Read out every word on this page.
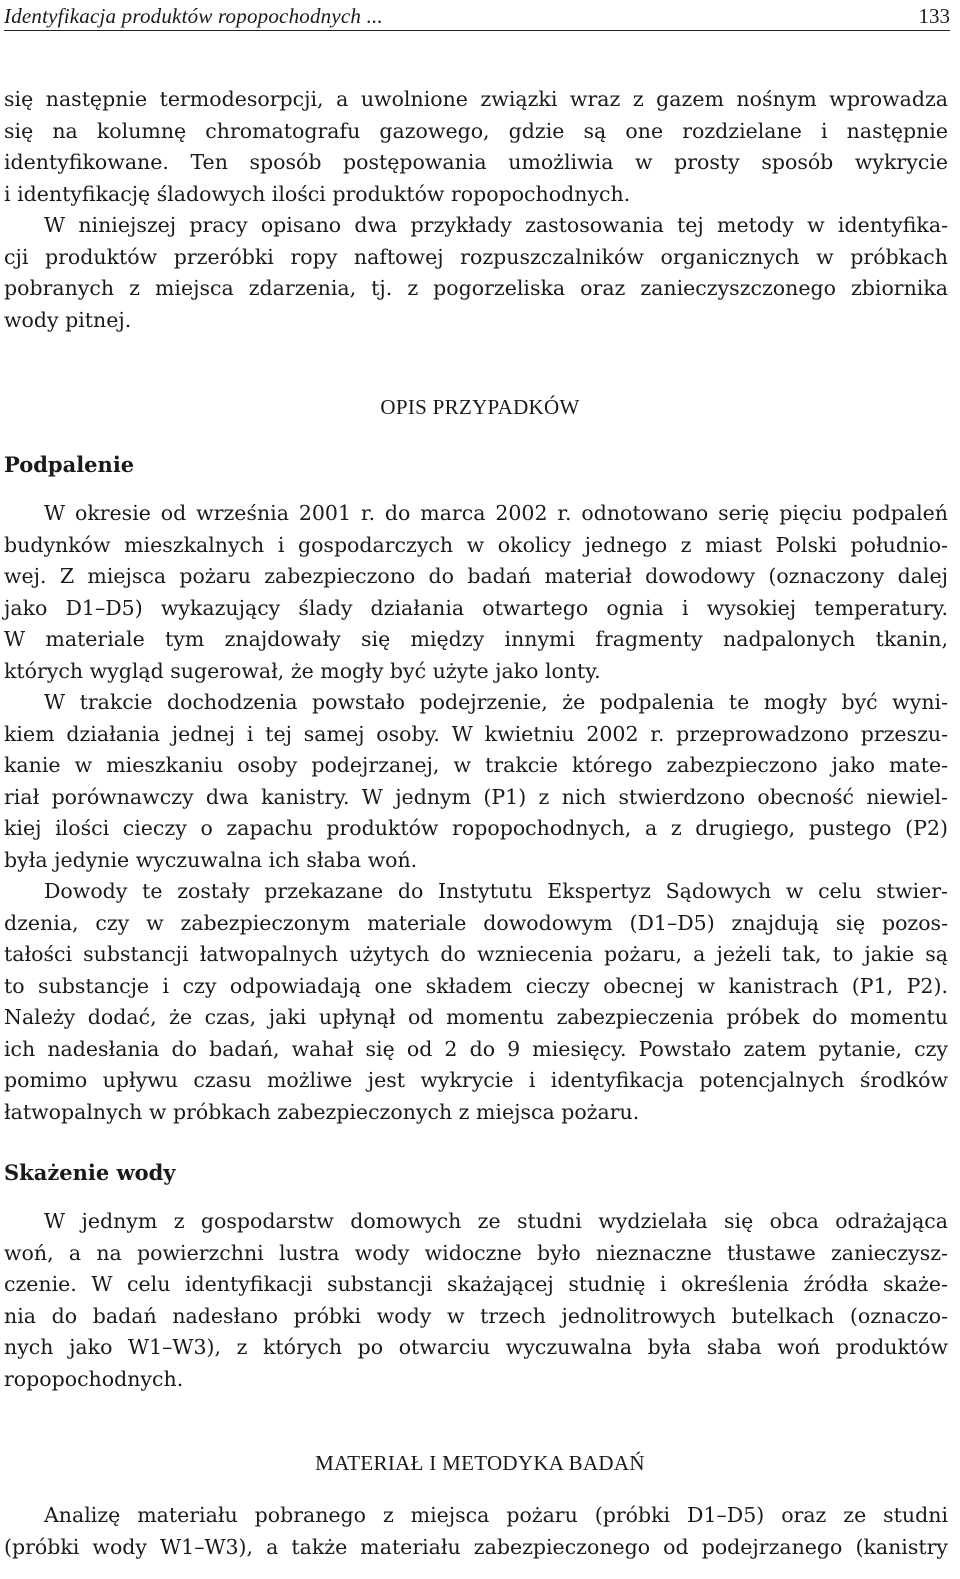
Identyfikacja produktów ropopochodnych ...	133
się następnie termodesorpcji, a uwolnione związki wraz z gazem nośnym wprowadza
się na kolumnę chromatografu gazowego, gdzie są one rozdzielane i następnie
identyfikowane. Ten sposób postępowania umożliwia w prosty sposób wykrycie
i identyfikację śladowych ilości produktów ropopochodnych.
W niniejszej pracy opisano dwa przykłady zastosowania tej metody w identyfika-
cji produktów przeróbki ropy naftowej rozpuszczalników organicznych w próbkach
pobranych z miejsca zdarzenia, tj. z pogorzeliska oraz zanieczyszczonego zbiornika
wody pitnej.
OPIS PRZYPADKÓW
Podpalenie
W okresie od września 2001 r. do marca 2002 r. odnotowano serię pięciu podpaleń
budynków mieszkalnych i gospodarczych w okolicy jednego z miast Polski południo-
wej. Z miejsca pożaru zabezpieczono do badań materiał dowodowy (oznaczony dalej
jako D1–D5) wykazujący ślady działania otwartego ognia i wysokiej temperatury.
W materiale tym znajdowały się między innymi fragmenty nadpalonych tkanin,
których wygląd sugerował, że mogły być użyte jako lonty.
W trakcie dochodzenia powstało podejrzenie, że podpalenia te mogły być wyni-
kiem działania jednej i tej samej osoby. W kwietniu 2002 r. przeprowadzono przeszu-
kanie w mieszkaniu osoby podejrzanej, w trakcie którego zabezpieczono jako mate-
riał porównawczy dwa kanistry. W jednym (P1) z nich stwierdzono obecność niewiel-
kiej ilości cieczy o zapachu produktów ropopochodnych, a z drugiego, pustego (P2)
była jedynie wyczuwalna ich słaba woń.
Dowody te zostały przekazane do Instytutu Ekspertyz Sądowych w celu stwier-
dzenia, czy w zabezpieczonym materiale dowodowym (D1–D5) znajdują się pozos-
tałości substancji łatwopalnych użytych do wzniecenia pożaru, a jeżeli tak, to jakie są
to substancje i czy odpowiadają one składem cieczy obecnej w kanistrach (P1, P2).
Należy dodać, że czas, jaki upłynął od momentu zabezpieczenia próbek do momentu
ich nadesłania do badań, wahał się od 2 do 9 miesięcy. Powstało zatem pytanie, czy
pomimo upływu czasu możliwe jest wykrycie i identyfikacja potencjalnych środków
łatwopalnych w próbkach zabezpieczonych z miejsca pożaru.
Skażenie wody
W jednym z gospodarstw domowych ze studni wydzielała się obca odrażająca
woń, a na powierzchni lustra wody widoczne było nieznaczne tłustawe zanieczysz-
czenie. W celu identyfikacji substancji skażającej studnię i określenia źródła skaże-
nia do badań nadesłano próbki wody w trzech jednolitrowych butelkach (oznaczo-
nych jako W1–W3), z których po otwarciu wyczuwalna była słaba woń produktów
ropopochodnych.
MATERIAŁ I METODYKA BADAŃ
Analizę materiału pobranego z miejsca pożaru (próbki D1–D5) oraz ze studni
(próbki wody W1–W3), a także materiału zabezpieczonego od podejrzanego (kanistry
